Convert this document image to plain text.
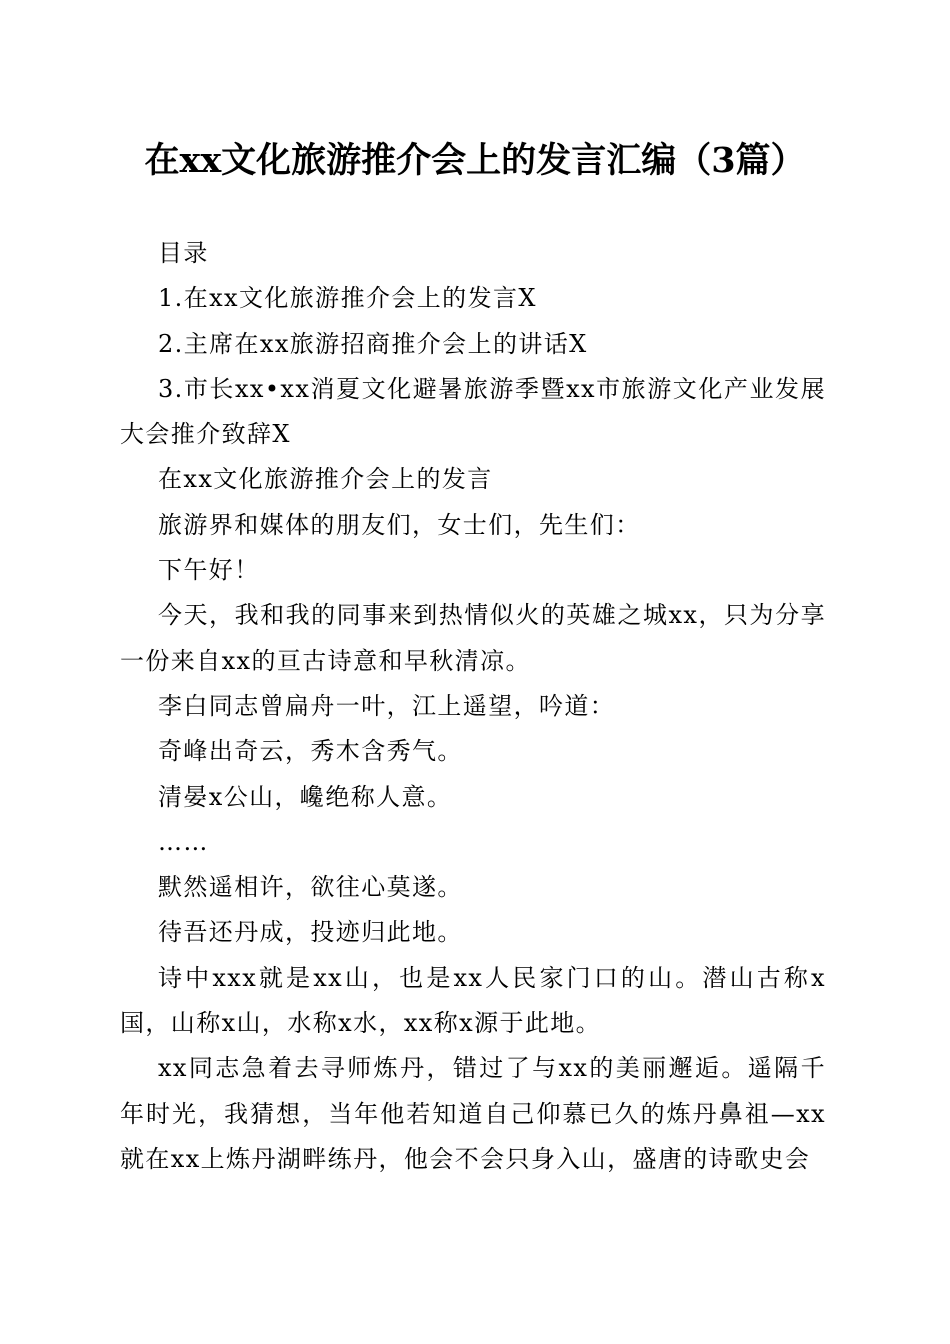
在xx文化旅游推介会上的发言汇编（3篇）

目录

1.在xx文化旅游推介会上的发言X

2.主席在xx旅游招商推介会上的讲话X

3.市长xx•xx消夏文化避暑旅游季暨xx市旅游文化产业发展大会推介致辞X

在xx文化旅游推介会上的发言

旅游界和媒体的朋友们，女士们，先生们：

下午好！

今天，我和我的同事来到热情似火的英雄之城xx，只为分享一份来自xx的亘古诗意和早秋清凉。

李白同志曾扁舟一叶，江上遥望，吟道：

奇峰出奇云，秀木含秀气。

清晏x公山，巉绝称人意。

……

默然遥相许，欲往心莫遂。

待吾还丹成，投迹归此地。

诗中xxx就是xx山，也是xx人民家门口的山。潜山古称x国，山称x山，水称x水，xx称x源于此地。

xx同志急着去寻师炼丹，错过了与xx的美丽邂逅。遥隔千年时光，我猜想，当年他若知道自己仰慕已久的炼丹鼻祖—xx就在xx上炼丹湖畔练丹，他会不会只身入山，盛唐的诗歌史会
